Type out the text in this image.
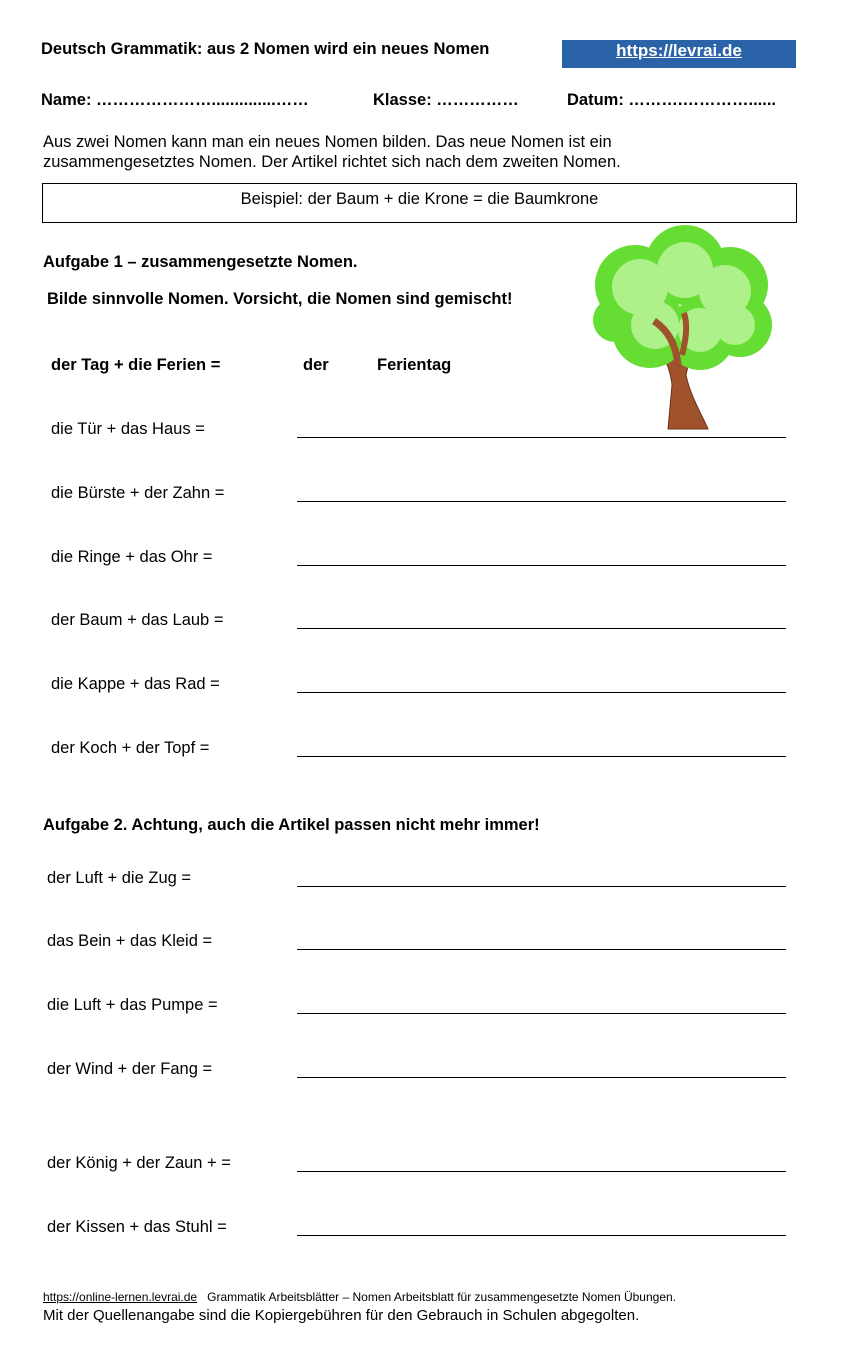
Deutsch Grammatik: aus 2 Nomen wird ein neues Nomen	https://levrai.de
Name: …………………..............……	Klasse: ……………	Datum: ……….…………......
Aus zwei Nomen kann man ein neues Nomen bilden. Das neue Nomen ist ein
zusammengesetztes Nomen. Der Artikel richtet sich nach dem zweiten Nomen.
Beispiel: der Baum + die Krone = die Baumkrone
Aufgabe 1 – zusammengesetzte Nomen.
Bilde sinnvolle Nomen. Vorsicht, die Nomen sind gemischt!
der Tag + die Ferien =	der	Ferientag
die Tür + das Haus =
die Bürste + der Zahn =
die Ringe + das Ohr =
der Baum + das Laub =
die Kappe + das Rad =
der Koch + der Topf =
Aufgabe 2. Achtung, auch die Artikel passen nicht mehr immer!
der Luft + die Zug =
das Bein + das Kleid =
die Luft + das Pumpe =
der Wind + der Fang =
der König + der Zaun + =
der Kissen + das Stuhl =
https://online-lernen.levrai.de Grammatik Arbeitsblätter – Nomen Arbeitsblatt für zusammengesetzte Nomen Übungen.
Mit der Quellenangabe sind die Kopiergebühren für den Gebrauch in Schulen abgegolten.
